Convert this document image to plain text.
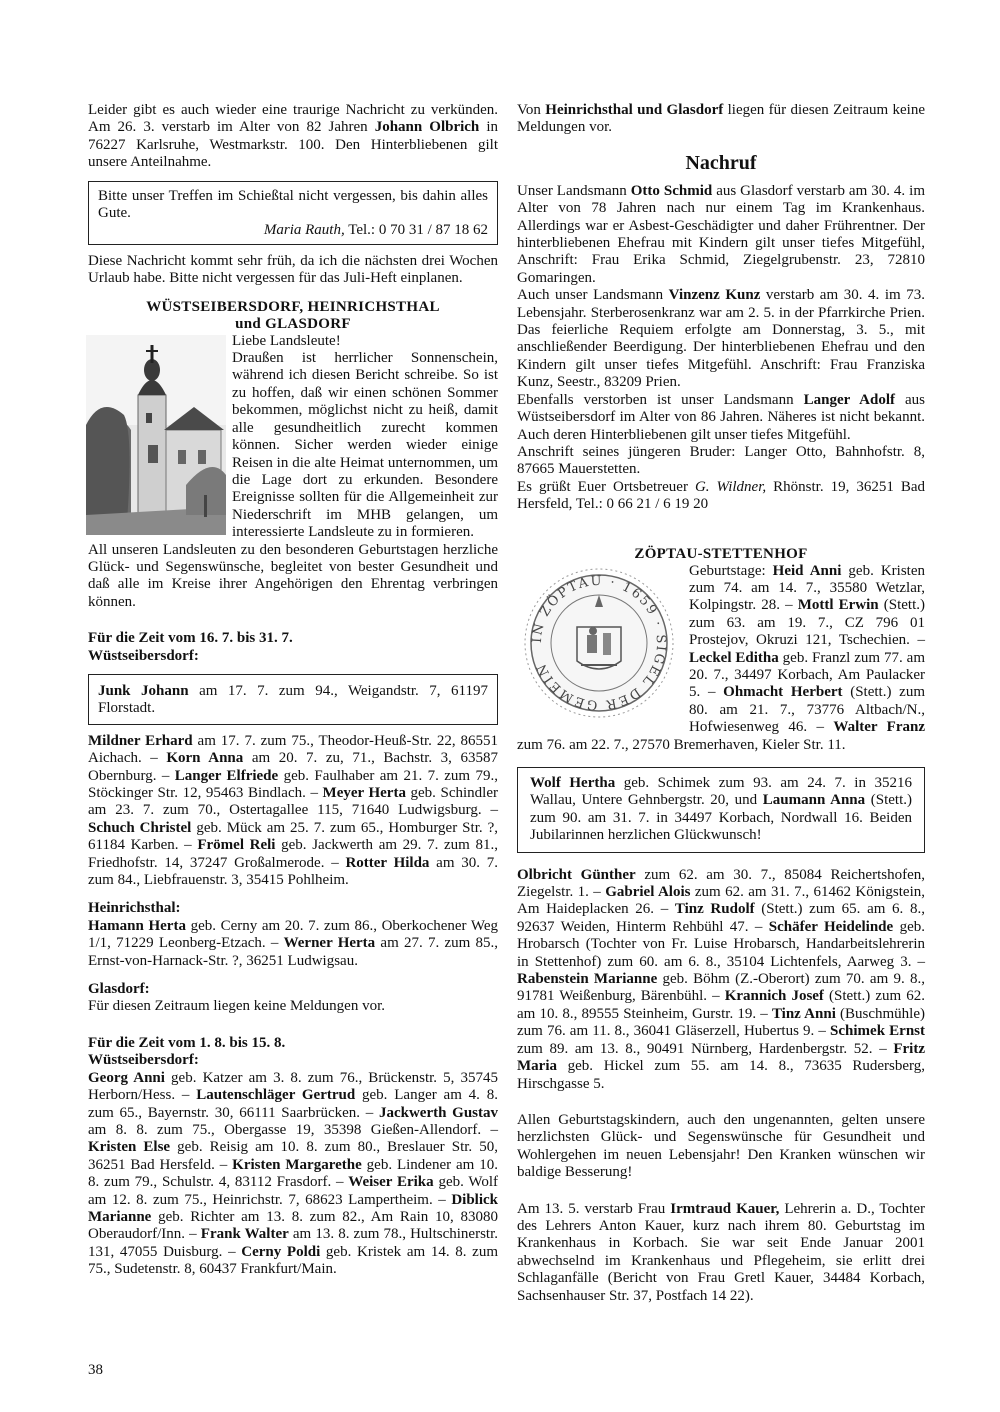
Leider gibt es auch wieder eine traurige Nachricht zu verkünden. Am 26. 3. verstarb im Alter von 82 Jahren Johann Olbrich in 76227 Karlsruhe, Westmarkstr. 100. Den Hinterbliebenen gilt unsere Anteilnahme.

Bitte unser Treffen im Schießtal nicht vergessen, bis dahin alles Gute.

Maria Rauth, Tel.: 0 70 31 / 87 18 62

Diese Nachricht kommt sehr früh, da ich die nächsten drei Wochen Urlaub habe. Bitte nicht vergessen für das Juli-Heft einplanen.

WÜSTSEIBERSDORF, HEINRICHSTHAL
und GLASDORF

Liebe Landsleute!

Draußen ist herrlicher Sonnenschein, während ich diesen Bericht schreibe. So ist zu hoffen, daß wir einen schönen Sommer bekommen, möglichst nicht zu heiß, damit alle gesundheitlich zurecht kommen können. Sicher werden wieder einige Reisen in die alte Heimat unternommen, um die Lage dort zu erkunden. Besondere Ereignisse sollten für die Allgemeinheit zur Niederschrift im MHB gelangen, um interessierte Landsleute zu in formieren.

All unseren Landsleuten zu den besonderen Geburtstagen herzliche Glück- und Segenswünsche, begleitet von bester Gesundheit und daß alle im Kreise ihrer Angehörigen den Ehrentag verbringen können.

Für die Zeit vom 16. 7. bis 31. 7.
Wüstseibersdorf:

Junk Johann am 17. 7. zum 94., Weigandstr. 7, 61197 Florstadt.

Mildner Erhard am 17. 7. zum 75., Theodor-Heuß-Str. 22, 86551 Aichach. – Korn Anna am 20. 7. zu, 71., Bachstr. 3, 63587 Obernburg. – Langer Elfriede geb. Faulhaber am 21. 7. zum 79., Stöckinger Str. 12, 95463 Bindlach. – Meyer Herta geb. Schindler am 23. 7. zum 70., Ostertagallee 115, 71640 Ludwigsburg. – Schuch Christel geb. Mück am 25. 7. zum 65., Homburger Str. ?, 61184 Karben. – Frömel Reli geb. Jackwerth am 29. 7. zum 81., Friedhofstr. 14, 37247 Großalmerode. – Rotter Hilda am 30. 7. zum 84., Liebfrauenstr. 3, 35415 Pohlheim.

Heinrichsthal:

Hamann Herta geb. Cerny am 20. 7. zum 86., Oberkochener Weg 1/1, 71229 Leonberg-Etzach. – Werner Herta am 27. 7. zum 85., Ernst-von-Harnack-Str. ?, 36251 Ludwigsau.

Glasdorf:

Für diesen Zeitraum liegen keine Meldungen vor.

Für die Zeit vom 1. 8. bis 15. 8.
Wüstseibersdorf:

Georg Anni geb. Katzer am 3. 8. zum 76., Brückenstr. 5, 35745 Herborn/Hess. – Lautenschläger Gertrud geb. Langer am 4. 8. zum 65., Bayernstr. 30, 66111 Saarbrücken. – Jackwerth Gustav am 8. 8. zum 75., Obergasse 19, 35398 Gießen-Allendorf. – Kristen Else geb. Reisig am 10. 8. zum 80., Breslauer Str. 50, 36251 Bad Hersfeld. – Kristen Margarethe geb. Lindener am 10. 8. zum 79., Schulstr. 4, 83112 Frasdorf. – Weiser Erika geb. Wolf am 12. 8. zum 75., Heinrichstr. 7, 68623 Lampertheim. – Diblick Marianne geb. Richter am 13. 8. zum 82., Am Rain 10, 83080 Oberaudorf/Inn. – Frank Walter am 13. 8. zum 78., Hultschinerstr. 131, 47055 Duisburg. – Cerny Poldi geb. Kristek am 14. 8. zum 75., Sudetenstr. 8, 60437 Frankfurt/Main.

Von Heinrichsthal und Glasdorf liegen für diesen Zeitraum keine Meldungen vor.

Nachruf

Unser Landsmann Otto Schmid aus Glasdorf verstarb am 30. 4. im Alter von 78 Jahren nach nur einem Tag im Krankenhaus. Allerdings war er Asbest-Geschädigter und daher Frührentner. Der hinterbliebenen Ehefrau mit Kindern gilt unser tiefes Mitgefühl, Anschrift: Frau Erika Schmid, Ziegelgrubenstr. 23, 72810 Gomaringen.

Auch unser Landsmann Vinzenz Kunz verstarb am 30. 4. im 73. Lebensjahr. Sterberosenkranz war am 2. 5. in der Pfarrkirche Prien. Das feierliche Requiem erfolgte am Donnerstag, 3. 5., mit anschließender Beerdigung. Der hinterbliebenen Ehefrau und den Kindern gilt unser tiefes Mitgefühl. Anschrift: Frau Franziska Kunz, Seestr., 83209 Prien.

Ebenfalls verstorben ist unser Landsmann Langer Adolf aus Wüstseibersdorf im Alter von 86 Jahren. Näheres ist nicht bekannt. Auch deren Hinterbliebenen gilt unser tiefes Mitgefühl.

Anschrift seines jüngeren Bruder: Langer Otto, Bahnhofstr. 8, 87665 Mauerstetten.

Es grüßt Euer Ortsbetreuer G. Wildner, Rhönstr. 19, 36251 Bad Hersfeld, Tel.: 0 66 21 / 6 19 20

ZÖPTAU-STETTENHOF
IN ZÖPTAU · 1659 · SIGEL DER GEMEIN

Geburtstage: Heid Anni geb. Kristen zum 74. am 14. 7., 35580 Wetzlar, Kolpingstr. 28. – Mottl Erwin (Stett.) zum 63. am 19. 7., CZ 796 01 Prostejov, Okruzi 121, Tschechien. – Leckel Editha geb. Franzl zum 77. am 20. 7., 34497 Korbach, Am Paulacker 5. – Ohmacht Herbert (Stett.) zum 80. am 21. 7., 73776 Altbach/N., Hofwiesenweg 46. – Walter Franz zum 76. am 22. 7., 27570 Bremerhaven, Kieler Str. 11.

Wolf Hertha geb. Schimek zum 93. am 24. 7. in 35216 Wallau, Untere Gehnbergstr. 20, und Laumann Anna (Stett.) zum 90. am 31. 7. in 34497 Korbach, Nordwall 16. Beiden Jubilarinnen herzlichen Glückwunsch!

Olbricht Günther zum 62. am 30. 7., 85084 Reichertshofen, Ziegelstr. 1. – Gabriel Alois zum 62. am 31. 7., 61462 Königstein, Am Haideplacken 26. – Tinz Rudolf (Stett.) zum 65. am 6. 8., 92637 Weiden, Hinterm Rehbühl 47. – Schäfer Heidelinde geb. Hrobarsch (Tochter von Fr. Luise Hrobarsch, Handarbeitslehrerin in Stettenhof) zum 60. am 6. 8., 35104 Lichtenfels, Aarweg 3. – Rabenstein Marianne geb. Böhm (Z.-Oberort) zum 70. am 9. 8., 91781 Weißenburg, Bärenbühl. – Krannich Josef (Stett.) zum 62. am 10. 8., 89555 Steinheim, Gurstr. 19. – Tinz Anni (Buschmühle) zum 76. am 11. 8., 36041 Gläserzell, Hubertus 9. – Schimek Ernst zum 89. am 13. 8., 90491 Nürnberg, Hardenbergstr. 52. – Fritz Maria geb. Hickel zum 55. am 14. 8., 73635 Rudersberg, Hirschgasse 5.

Allen Geburtstagskindern, auch den ungenannten, gelten unsere herzlichsten Glück- und Segenswünsche für Gesundheit und Wohlergehen im neuen Lebensjahr! Den Kranken wünschen wir baldige Besserung!

Am 13. 5. verstarb Frau Irmtraud Kauer, Lehrerin a. D., Tochter des Lehrers Anton Kauer, kurz nach ihrem 80. Geburtstag im Krankenhaus in Korbach. Sie war seit Ende Januar 2001 abwechselnd im Krankenhaus und Pflegeheim, sie erlitt drei Schlaganfälle (Bericht von Frau Gretl Kauer, 34484 Korbach, Sachsenhauser Str. 37, Postfach 14 22).

38
